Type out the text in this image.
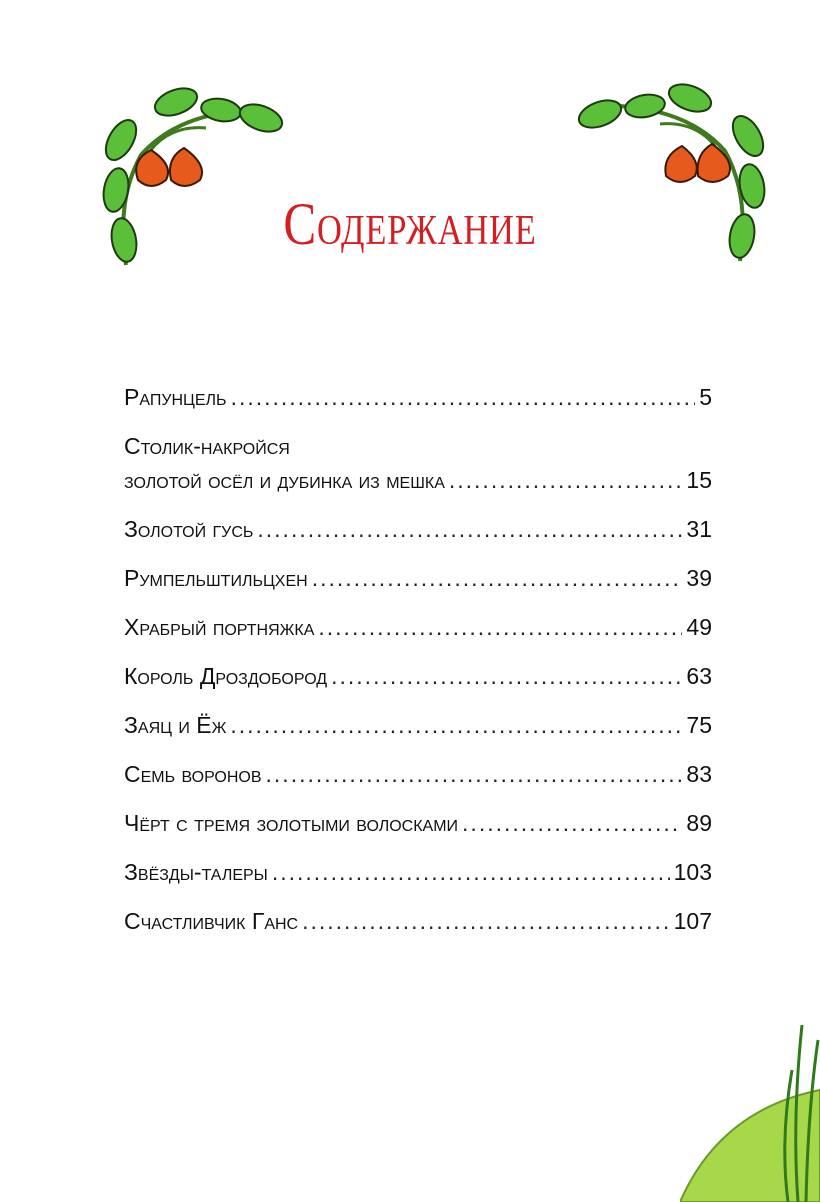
Содержание
Рапунцель .....	5
Столик-накройся
золотой осёл и дубинка из мешка .....	15
Золотой гусь .....	31
Румпельштильцхен .....	39
Храбрый портняжка .....	49
Король Дроздобород .....	63
Заяц и Ёж .....	75
Семь воронов .....	83
Чёрт с тремя золотыми волосками .....	89
Звёзды-талеры .....	103
Счастливчик Ганс .....	107
